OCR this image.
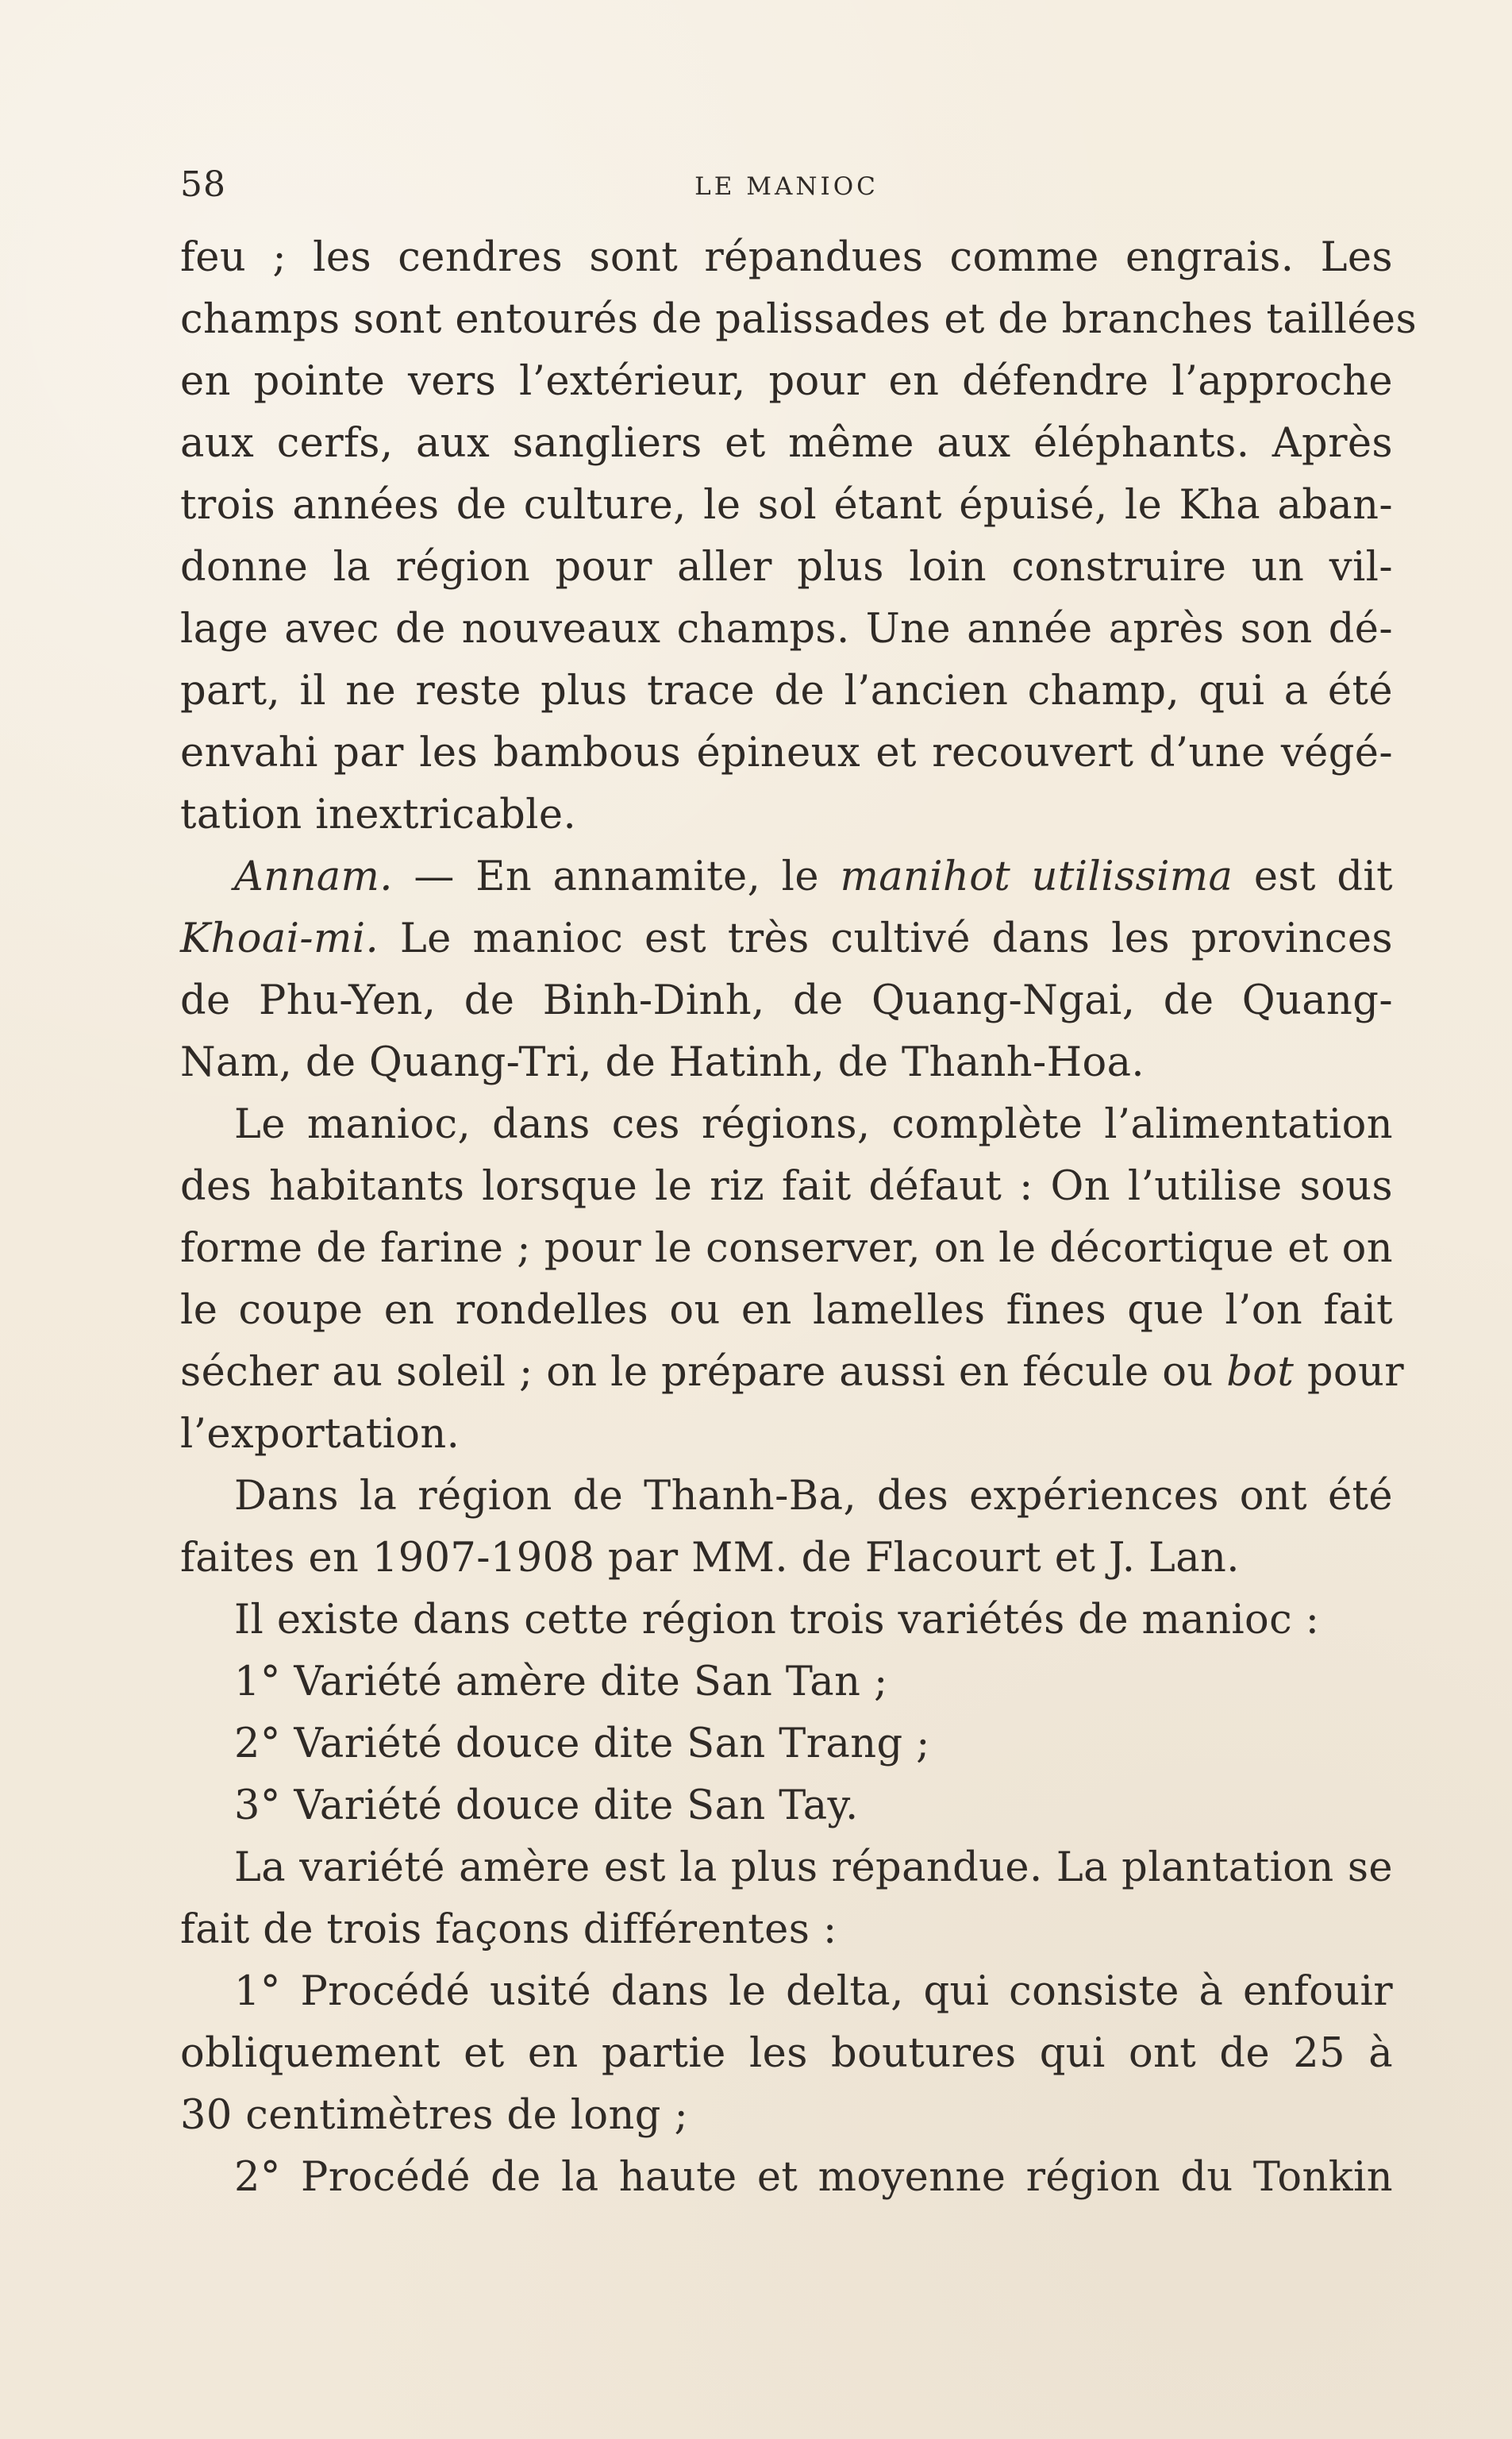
58	LE MANIOC
feu ; les cendres sont répandues comme engrais. Les
champs sont entourés de palissades et de branches taillées
en pointe vers l’extérieur, pour en défendre l’approche
aux cerfs, aux sangliers et même aux éléphants. Après
trois années de culture, le sol étant épuisé, le Kha aban-
donne la région pour aller plus loin construire un vil-
lage avec de nouveaux champs. Une année après son dé-
part, il ne reste plus trace de l’ancien champ, qui a été
envahi par les bambous épineux et recouvert d’une végé-
tation inextricable.
Annam. — En annamite, le manihot utilissima est dit
Khoai-mi. Le manioc est très cultivé dans les provinces
de Phu-Yen, de Binh-Dinh, de Quang-Ngai, de Quang-
Nam, de Quang-Tri, de Hatinh, de Thanh-Hoa.
Le manioc, dans ces régions, complète l’alimentation
des habitants lorsque le riz fait défaut : On l’utilise sous
forme de farine ; pour le conserver, on le décortique et on
le coupe en rondelles ou en lamelles fines que l’on fait
sécher au soleil ; on le prépare aussi en fécule ou bot pour
l’exportation.
Dans la région de Thanh-Ba, des expériences ont été
faites en 1907-1908 par MM. de Flacourt et J. Lan.
Il existe dans cette région trois variétés de manioc :
1° Variété amère dite San Tan ;
2° Variété douce dite San Trang ;
3° Variété douce dite San Tay.
La variété amère est la plus répandue. La plantation se
fait de trois façons différentes :
1° Procédé usité dans le delta, qui consiste à enfouir
obliquement et en partie les boutures qui ont de 25 à
30 centimètres de long ;
2° Procédé de la haute et moyenne région du Tonkin
